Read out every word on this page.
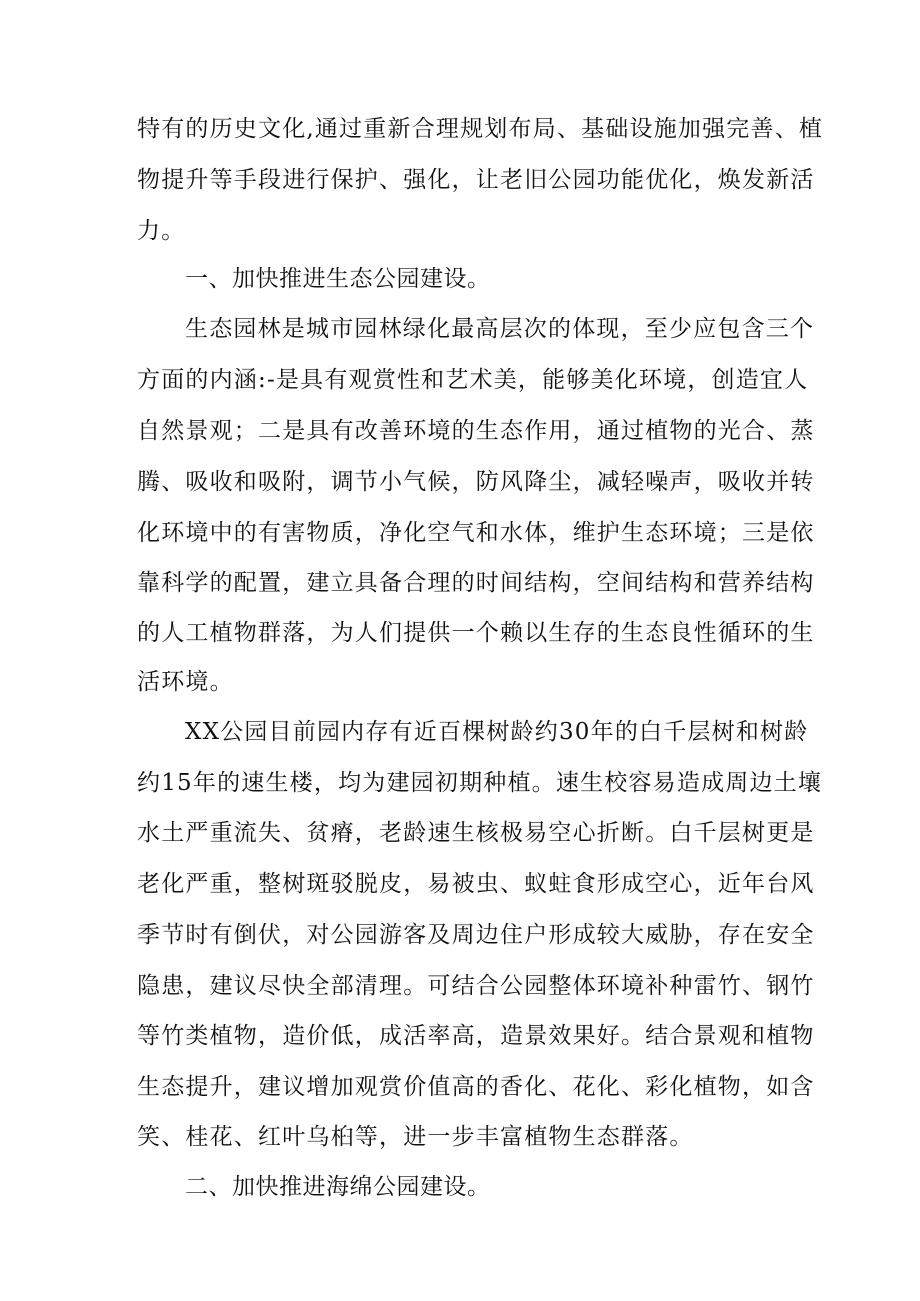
特有的历史文化,通过重新合理规划布局、基础设施加强完善、植
物提升等手段进行保护、强化，让老旧公园功能优化，焕发新活
力。
一、加快推进生态公园建设。
生态园林是城市园林绿化最高层次的体现，至少应包含三个
方面的内涵:-是具有观赏性和艺术美，能够美化环境，创造宜人
自然景观；二是具有改善环境的生态作用，通过植物的光合、蒸
腾、吸收和吸附，调节小气候，防风降尘，减轻噪声，吸收并转
化环境中的有害物质，净化空气和水体，维护生态环境；三是依
靠科学的配置，建立具备合理的时间结构，空间结构和营养结构
的人工植物群落，为人们提供一个赖以生存的生态良性循环的生
活环境。
XX公园目前园内存有近百棵树龄约30年的白千层树和树龄
约15年的速生楼，均为建园初期种植。速生校容易造成周边土壤
水土严重流失、贫瘠，老龄速生核极易空心折断。白千层树更是
老化严重，整树斑驳脱皮，易被虫、蚁蛀食形成空心，近年台风
季节时有倒伏，对公园游客及周边住户形成较大威胁，存在安全
隐患，建议尽快全部清理。可结合公园整体环境补种雷竹、钢竹
等竹类植物，造价低，成活率高，造景效果好。结合景观和植物
生态提升，建议增加观赏价值高的香化、花化、彩化植物，如含
笑、桂花、红叶乌桕等，进一步丰富植物生态群落。
二、加快推进海绵公园建设。
